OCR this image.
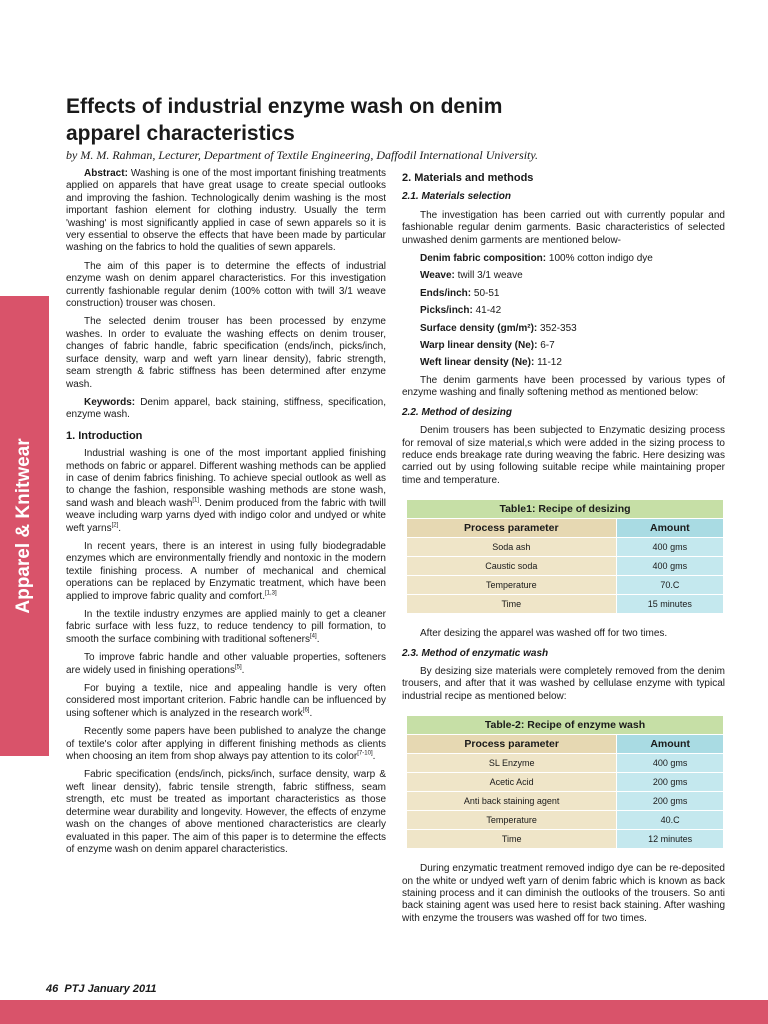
Apparel & Knitwear
Effects of industrial enzyme wash on denim
apparel characteristics
by M. M. Rahman, Lecturer, Department of Textile Engineering, Daffodil International University.

Abstract: Washing is one of the most important finishing treatments applied on apparels that have great usage to create special outlooks and improving the fashion. Technologically denim washing is the most important fashion element for clothing industry. Usually the term 'washing' is most significantly applied in case of sewn apparels so it is very essential to observe the effects that have been made by particular washing on the fabrics to hold the qualities of sewn apparels.

The aim of this paper is to determine the effects of industrial enzyme wash on denim apparel characteristics. For this investigation currently fashionable regular denim (100% cotton with twill 3/1 weave construction) trouser was chosen.

The selected denim trouser has been processed by enzyme washes. In order to evaluate the washing effects on denim trouser, changes of fabric handle, fabric specification (ends/inch, picks/inch, surface density, warp and weft yarn linear density), fabric strength, seam strength & fabric stiffness has been determined after enzyme wash.

Keywords: Denim apparel, back staining, stiffness, specification, enzyme wash.

1. Introduction

Industrial washing is one of the most important applied finishing methods on fabric or apparel. Different washing methods can be applied in case of denim fabrics finishing. To achieve special outlook as well as to change the fashion, responsible washing methods are stone wash, sand wash and bleach wash[1]. Denim produced from the fabric with twill weave including warp yarns dyed with indigo color and undyed or white weft yarns[2].

In recent years, there is an interest in using fully biodegradable enzymes which are environmentally friendly and nontoxic in the modern textile finishing process. A number of mechanical and chemical operations can be replaced by Enzymatic treatment, which have been applied to improve fabric quality and comfort.[1,3]

In the textile industry enzymes are applied mainly to get a cleaner fabric surface with less fuzz, to reduce tendency to pill formation, to smooth the surface combining with traditional softeners[4].

To improve fabric handle and other valuable properties, softeners are widely used in finishing operations[5].

For buying a textile, nice and appealing handle is very often considered most important criterion. Fabric handle can be influenced by using softener which is analyzed in the research work[6].

Recently some papers have been published to analyze the change of textile's color after applying in different finishing methods as clients when choosing an item from shop always pay attention to its color[7-10].

Fabric specification (ends/inch, picks/inch, surface density, warp & weft linear density), fabric tensile strength, fabric stiffness, seam strength, etc must be treated as important characteristics as those determine wear durability and longevity. However, the effects of enzyme wash on the changes of above mentioned characteristics are clearly evaluated in this paper. The aim of this paper is to determine the effects of enzyme wash on denim apparel characteristics.

2. Materials and methods
2.1. Materials selection

The investigation has been carried out with currently popular and fashionable regular denim garments. Basic characteristics of selected unwashed denim garments are mentioned below-

Denim fabric composition: 100% cotton indigo dye
Weave: twill 3/1 weave
Ends/inch: 50-51
Picks/inch: 41-42
Surface density (gm/m²): 352-353
Warp linear density (Ne): 6-7
Weft linear density (Ne): 11-12

The denim garments have been processed by various types of enzyme washing and finally softening method as mentioned below:

2.2. Method of desizing

Denim trousers has been subjected to Enzymatic desizing process for removal of size material,s which were added in the sizing process to reduce ends breakage rate during weaving the fabric. Here desizing was carried out by using following suitable recipe while maintaining proper time and temperature.

Table1: Recipe of desizing	
Process parameter	Amount
Soda ash	400 gms
Caustic soda	400 gms
Temperature	70.C
Time	15 minutes

After desizing the apparel was washed off for two times.

2.3. Method of enzymatic wash

By desizing size materials were completely removed from the denim trousers, and after that it was washed by cellulase enzyme with typical industrial recipe as mentioned below:

Table-2: Recipe of enzyme wash	
Process parameter	Amount
SL Enzyme	400 gms
Acetic Acid	200 gms
Anti back staining agent	200 gms
Temperature	40.C
Time	12 minutes

During enzymatic treatment removed indigo dye can be re-deposited on the white or undyed weft yarn of denim fabric which is known as back staining process and it can diminish the outlooks of the trousers. So anti back staining agent was used here to resist back staining. After washing with enzyme the trousers was washed off for two times.

46 PTJ January 2011
